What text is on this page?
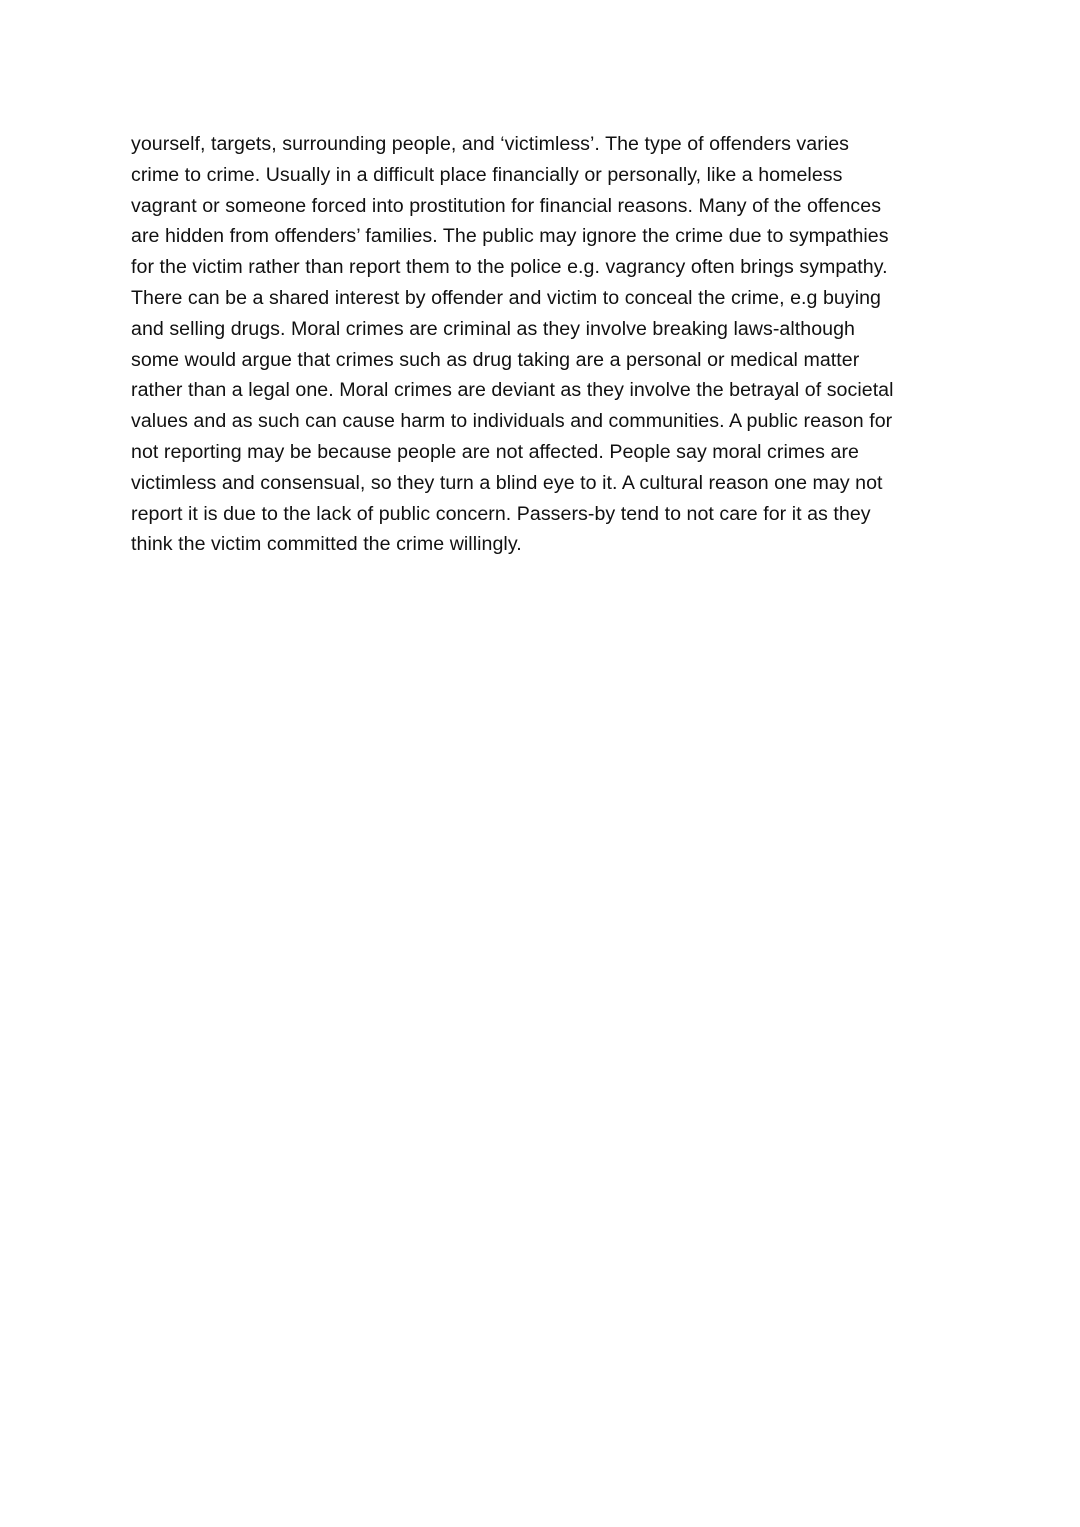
yourself, targets, surrounding people, and ‘victimless’. The type of offenders varies
crime to crime. Usually in a difficult place financially or personally, like a homeless
vagrant or someone forced into prostitution for financial reasons. Many of the offences
are hidden from offenders’ families. The public may ignore the crime due to sympathies
for the victim rather than report them to the police e.g. vagrancy often brings sympathy.
There can be a shared interest by offender and victim to conceal the crime, e.g buying
and selling drugs. Moral crimes are criminal as they involve breaking laws-although
some would argue that crimes such as drug taking are a personal or medical matter
rather than a legal one. Moral crimes are deviant as they involve the betrayal of societal
values and as such can cause harm to individuals and communities. A public reason for
not reporting may be because people are not affected. People say moral crimes are
victimless and consensual, so they turn a blind eye to it. A cultural reason one may not
report it is due to the lack of public concern. Passers-by tend to not care for it as they
think the victim committed the crime willingly.
